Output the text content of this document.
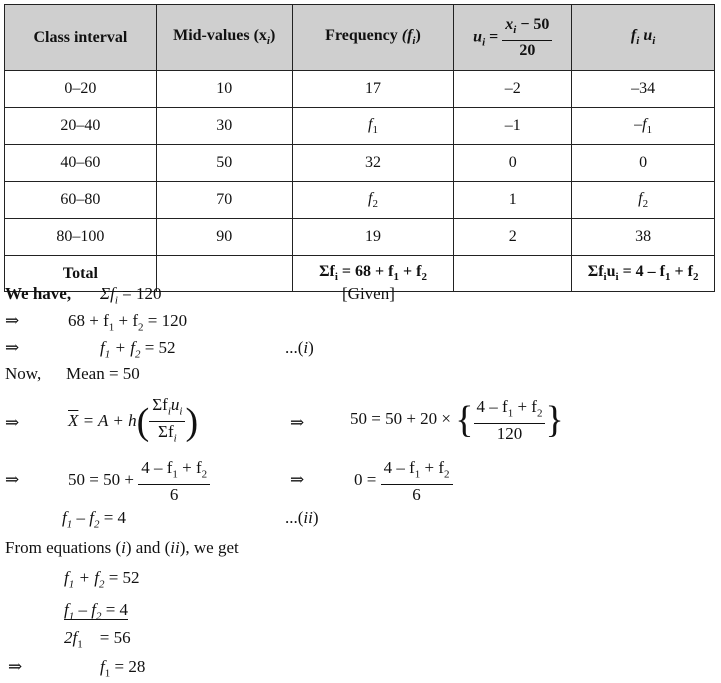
Class interval	Mid-values $(x_i)$	Frequency $(f_i)$	$u_i = \frac{x_i - 50}{20}$	$f_i$ $u_i$
0–20	10	17	–2	–34
20–40	30	$f_1$	–1	$-f_1$
40–60	50	32	0	0
60–80	70	$f_2$	1	$f_2$
80–100	90	19	2	38
Total		$\Sigma f_i = 68 + f_1 + f_2$		$\Sigma f_iu_i = 4 - f_1 + f_2$
We have, $\Sigma f_i = 120$	[Given]
⇒	$68 + f_1 + f_2 = 120$
⇒	$f_1 + f_2 = 52$	...(i)
Now, Mean = 50
⇒	$\overline{X} = A + h( \frac{\Sigma f_iu_i}{\Sigma f_i}$ )	⇒	50 = 50 + 20 × { $\frac{4 - f_1 + f_2}{120}$ }
⇒	$50 = 50 + \frac{4 - f_1 + f_2}{6}$	⇒	$0 = \frac{4 - f_1 + f_2}{6}$
$f_1 - f_2 = 4$	...(ii)
From equations (i) and (ii), we get
$f_1 + f_2 = 52$
$f_1 - f_2 = 4$
$2f_1$    = 56
⇒	$f_1 = 28$
